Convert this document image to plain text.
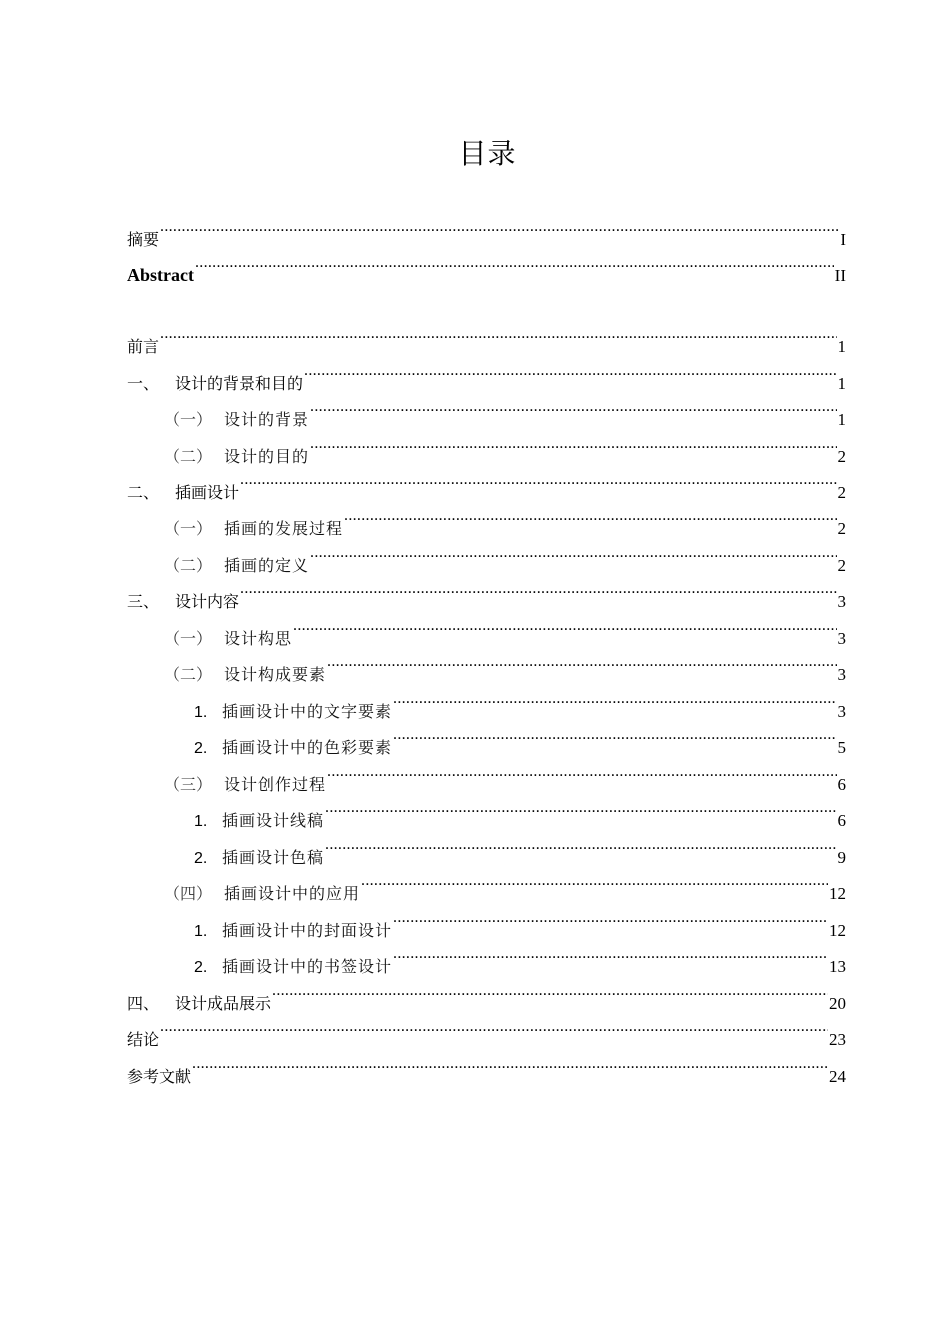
目录
摘要 .....	I
Abstract .....	II
前言 .....	1
一、 设计的背景和目的 .....	1
（一） 设计的背景 .....	1
（二） 设计的目的 .....	2
二、 插画设计 .....	2
（一） 插画的发展过程 .....	2
（二） 插画的定义 .....	2
三、 设计内容 .....	3
（一） 设计构思 .....	3
（二） 设计构成要素 .....	3
1. 插画设计中的文字要素 .....	3
2. 插画设计中的色彩要素 .....	5
（三） 设计创作过程 .....	6
1. 插画设计线稿 .....	6
2. 插画设计色稿 .....	9
（四） 插画设计中的应用 .....	12
1. 插画设计中的封面设计 .....	12
2. 插画设计中的书签设计 .....	13
四、 设计成品展示 .....	20
结论 .....	23
参考文献 .....	24
